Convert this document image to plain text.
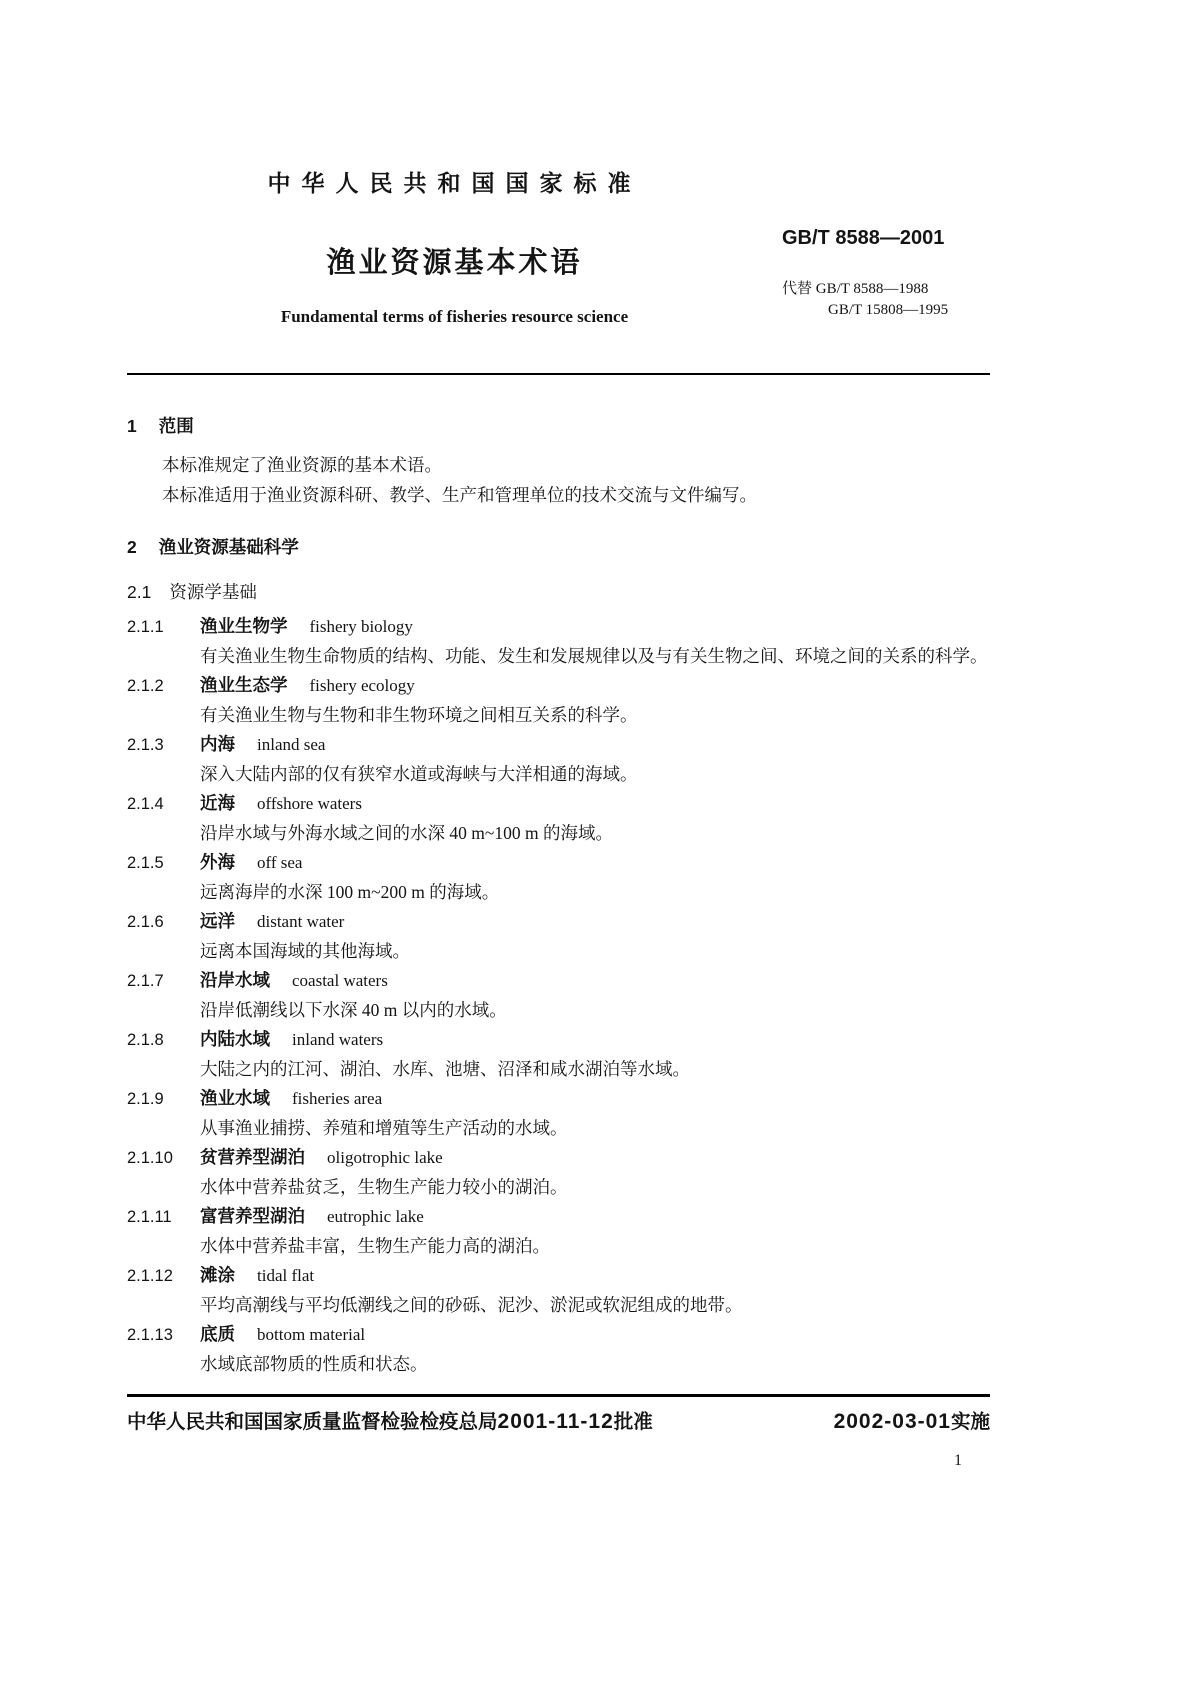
中华人民共和国国家标准
渔业资源基本术语
Fundamental terms of fisheries resource science
GB/T 8588—2001
代替 GB/T 8588—1988
GB/T 15808—1995
1 范围

本标准规定了渔业资源的基本术语。

本标准适用于渔业资源科研、教学、生产和管理单位的技术交流与文件编写。

2 渔业资源基础科学
2.1 资源学基础
2.1.1 渔业生物学 fishery biology
有关渔业生物生命物质的结构、功能、发生和发展规律以及与有关生物之间、环境之间的关系的科学。
2.1.2 渔业生态学 fishery ecology
有关渔业生物与生物和非生物环境之间相互关系的科学。
2.1.3 内海 inland sea
深入大陆内部的仅有狭窄水道或海峡与大洋相通的海域。
2.1.4 近海 offshore waters
沿岸水域与外海水域之间的水深 40 m~100 m 的海域。
2.1.5 外海 off sea
远离海岸的水深 100 m~200 m 的海域。
2.1.6 远洋 distant water
远离本国海域的其他海域。
2.1.7 沿岸水域 coastal waters
沿岸低潮线以下水深 40 m 以内的水域。
2.1.8 内陆水域 inland waters
大陆之内的江河、湖泊、水库、池塘、沼泽和咸水湖泊等水域。
2.1.9 渔业水域 fisheries area
从事渔业捕捞、养殖和增殖等生产活动的水域。
2.1.10 贫营养型湖泊 oligotrophic lake
水体中营养盐贫乏，生物生产能力较小的湖泊。
2.1.11 富营养型湖泊 eutrophic lake
水体中营养盐丰富，生物生产能力高的湖泊。
2.1.12 滩涂 tidal flat
平均高潮线与平均低潮线之间的砂砾、泥沙、淤泥或软泥组成的地带。
2.1.13 底质 bottom material
水域底部物质的性质和状态。
中华人民共和国国家质量监督检验检疫总局2001-11-12批准	2002-03-01实施
1
